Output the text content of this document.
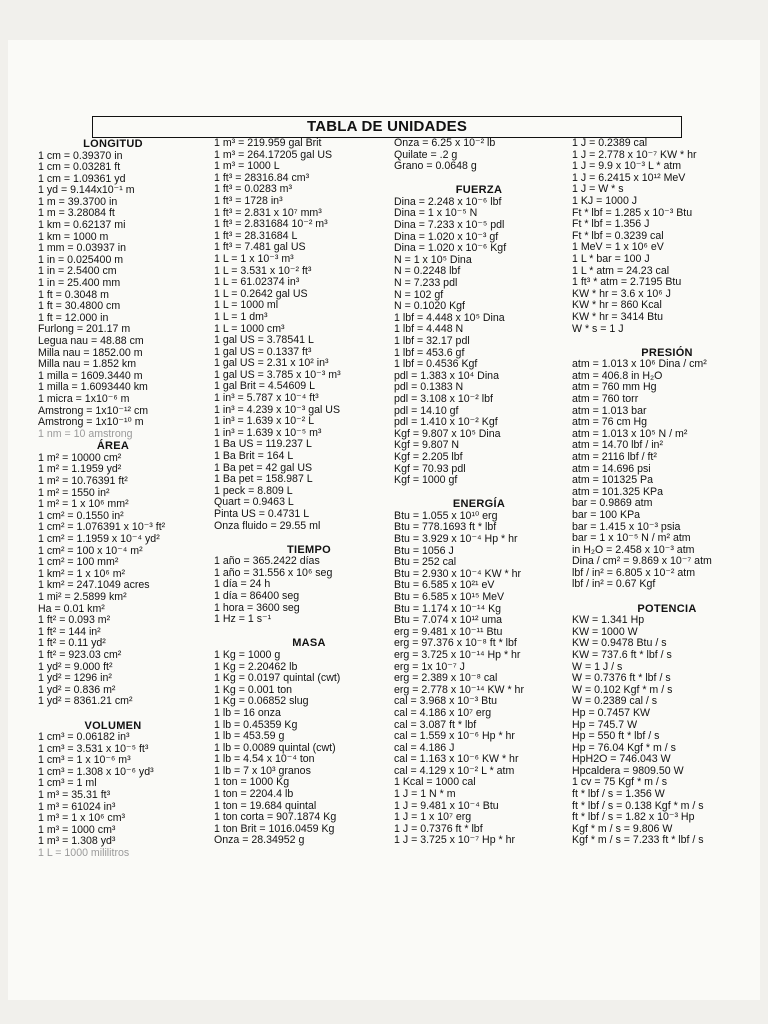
TABLA DE UNIDADES
LONGITUD
1 cm = 0.39370 in
1 cm = 0.03281 ft
1 cm = 1.09361 yd
1 yd = 9.144x10⁻¹ m
1 m = 39.3700 in
1 m = 3.28084 ft
1 km = 0.62137 mi
1 km = 1000 m
1 mm = 0.03937 in
1 in = 0.025400 m
1 in = 2.5400 cm
1 in = 25.400 mm
1 ft = 0.3048 m
1 ft = 30.4800 cm
1 ft = 12.000 in
Furlong = 201.17 m
Legua nau = 48.88 cm
Milla nau = 1852.00 m
Milla nau = 1.852 km
1 milla = 1609.3440 m
1 milla = 1.6093440 km
1 micra = 1x10⁻⁶ m
Amstrong = 1x10⁻¹² cm
Amstrong = 1x10⁻¹⁰ m
1 nm = 10 amstrong
ÁREA
1 m² = 10000 cm²
1 m² = 1.1959 yd²
1 m² = 10.76391 ft²
1 m² = 1550 in²
1 m² = 1 x 10⁶ mm²
1 cm² = 0.1550 in²
1 cm² = 1.076391 x 10⁻³ ft²
1 cm² = 1.1959 x 10⁻⁴ yd²
1 cm² = 100 x 10⁻⁴ m²
1 cm² = 100 mm²
1 km² = 1 x 10⁶ m²
1 km² = 247.1049 acres
1 mi² = 2.5899 km²
Ha = 0.01 km²
1 ft² = 0.093 m²
1 ft² = 144 in²
1 ft² = 0.11 yd²
1 ft² = 923.03 cm²
1 yd² = 9.000 ft²
1 yd² = 1296 in²
1 yd² = 0.836 m²
1 yd² = 8361.21 cm²
VOLUMEN
1 cm³ = 0.06182 in³
1 cm³ = 3.531 x 10⁻⁵ ft³
1 cm³ = 1 x 10⁻⁶ m³
1 cm³ = 1.308 x 10⁻⁶ yd³
1 cm³ = 1 ml
1 m³ = 35.31 ft³
1 m³ = 61024 in³
1 m³ = 1 x 10⁶ cm³
1 m³ = 1000 cm³
1 m³ = 1.308 yd³
1 L = 1000 mililitros
1 m³ = 219.959 gal Brit
1 m³ = 264.17205 gal US
1 m³ = 1000 L
1 ft³ = 28316.84 cm³
1 ft³ = 0.0283 m³
1 ft³ = 1728 in³
1 ft³ = 2.831 x 10⁷ mm³
1 ft³ = 2.831684 10⁻² m³
1 ft³ = 28.31684 L
1 ft³ = 7.481 gal US
1 L = 1 x 10⁻³ m³
1 L = 3.531 x 10⁻² ft³
1 L = 61.02374 in³
1 L = 0.2642 gal US
1 L = 1000 ml
1 L = 1 dm³
1 L = 1000 cm³
1 gal US = 3.78541 L
1 gal US = 0.1337 ft³
1 gal US = 2.31 x 10² in³
1 gal US = 3.785 x 10⁻³ m³
1 gal Brit = 4.54609 L
1 in³ = 5.787 x 10⁻⁴ ft³
1 in³ = 4.239 x 10⁻³ gal US
1 in³ = 1.639 x 10⁻² L
1 in³ = 1.639 x 10⁻⁵ m³
1 Ba US = 119.237 L
1 Ba Brit = 164 L
1 Ba pet = 42 gal US
1 Ba pet = 158.987 L
1 peck = 8.809 L
Quart = 0.9463 L
Pinta US = 0.4731 L
Onza fluido = 29.55 ml
TIEMPO
1 año = 365.2422 días
1 año = 31.556 x 10⁶ seg
1 día = 24 h
1 día = 86400 seg
1 hora = 3600 seg
1 Hz = 1 s⁻¹
MASA
1 Kg = 1000 g
1 Kg = 2.20462 lb
1 Kg = 0.0197 quintal (cwt)
1 Kg = 0.001 ton
1 Kg = 0.06852 slug
1 lb = 16 onza
1 lb = 0.45359 Kg
1 lb = 453.59 g
1 lb = 0.0089 quintal (cwt)
1 lb = 4.54 x 10⁻⁴ ton
1 lb = 7 x 10³ granos
1 ton = 1000 Kg
1 ton = 2204.4 lb
1 ton = 19.684 quintal
1 ton corta = 907.1874 Kg
1 ton Brit = 1016.0459 Kg
Onza = 28.34952 g
Onza = 6.25 x 10⁻² lb
Quilate = .2 g
Grano = 0.0648 g
FUERZA
Dina = 2.248 x 10⁻⁶ lbf
Dina = 1 x 10⁻⁵ N
Dina = 7.233 x 10⁻⁵ pdl
Dina = 1.020 x 10⁻³ gf
Dina = 1.020 x 10⁻⁶ Kgf
N = 1 x 10⁵ Dina
N = 0.2248 lbf
N = 7.233 pdl
N = 102 gf
N = 0.1020 Kgf
1 lbf = 4.448 x 10⁵ Dina
1 lbf = 4.448 N
1 lbf = 32.17 pdl
1 lbf = 453.6 gf
1 lbf = 0.4536 Kgf
pdl = 1.383 x 10⁴ Dina
pdl = 0.1383 N
pdl = 3.108 x 10⁻² lbf
pdl = 14.10 gf
pdl = 1.410 x 10⁻² Kgf
Kgf = 9.807 x 10⁵ Dina
Kgf = 9.807 N
Kgf = 2.205 lbf
Kgf = 70.93 pdl
Kgf = 1000 gf
ENERGÍA
Btu = 1.055 x 10¹⁰ erg
Btu = 778.1693 ft * lbf
Btu = 3.929 x 10⁻⁴ Hp * hr
Btu = 1056 J
Btu = 252 cal
Btu = 2.930 x 10⁻⁴ KW * hr
Btu = 6.585 x 10²¹ eV
Btu = 6.585 x 10¹⁵ MeV
Btu = 1.174 x 10⁻¹⁴ Kg
Btu = 7.074 x 10¹² uma
erg = 9.481 x 10⁻¹¹ Btu
erg = 97.376 x 10⁻⁸ ft * lbf
erg = 3.725 x 10⁻¹⁴ Hp * hr
erg = 1x 10⁻⁷ J
erg = 2.389 x 10⁻⁸ cal
erg = 2.778 x 10⁻¹⁴ KW * hr
cal = 3.968 x 10⁻³ Btu
cal = 4.186 x 10⁷ erg
cal = 3.087 ft * lbf
cal = 1.559 x 10⁻⁶ Hp * hr
cal = 4.186 J
cal = 1.163 x 10⁻⁶ KW * hr
cal = 4.129 x 10⁻² L * atm
1 Kcal = 1000 cal
1 J = 1 N * m
1 J = 9.481 x 10⁻⁴ Btu
1 J = 1 x 10⁷ erg
1 J = 0.7376 ft * lbf
1 J = 3.725 x 10⁻⁷ Hp * hr
1 J = 0.2389 cal
1 J = 2.778 x 10⁻⁷ KW * hr
1 J = 9.9 x 10⁻³ L * atm
1 J = 6.2415 x 10¹² MeV
1 J = W * s
1 KJ = 1000 J
Ft * lbf = 1.285 x 10⁻³ Btu
Ft * lbf = 1.356 J
Ft * lbf = 0.3239 cal
1 MeV = 1 x 10⁶ eV
1 L * bar = 100 J
1 L * atm = 24.23 cal
1 ft³ * atm = 2.7195 Btu
KW * hr = 3.6 x 10⁶ J
KW * hr = 860 Kcal
KW * hr = 3414 Btu
W * s = 1 J
PRESIÓN
atm = 1.013 x 10⁶ Dina / cm²
atm = 406.8 in H₂O
atm = 760 mm Hg
atm = 760 torr
atm = 1.013 bar
atm = 76 cm Hg
atm = 1.013 x 10⁵ N / m²
atm = 14.70 lbf / in²
atm = 2116 lbf / ft²
atm = 14.696 psi
atm = 101325 Pa
atm = 101.325 KPa
bar = 0.9869 atm
bar = 100 KPa
bar = 1.415 x 10⁻³ psia
bar = 1 x 10⁻⁵ N / m² atm
in H₂O = 2.458 x 10⁻³ atm
Dina / cm² = 9.869 x 10⁻⁷ atm
lbf / in² = 6.805 x 10⁻² atm
lbf / in² = 0.67 Kgf
POTENCIA
KW = 1.341 Hp
KW = 1000 W
KW = 0.9478 Btu / s
KW = 737.6 ft * lbf / s
W = 1 J / s
W = 0.7376 ft * lbf / s
W = 0.102 Kgf * m / s
W = 0.2389 cal / s
Hp = 0.7457 KW
Hp = 745.7 W
Hp = 550 ft * lbf / s
Hp = 76.04 Kgf * m / s
HpH2O = 746.043 W
Hpcaldera = 9809.50 W
1 cv = 75 Kgf * m / s
ft * lbf / s = 1.356 W
ft * lbf / s = 0.138 Kgf * m / s
ft * lbf / s = 1.82 x 10⁻³ Hp
Kgf * m / s = 9.806 W
Kgf * m / s = 7.233 ft * lbf / s
